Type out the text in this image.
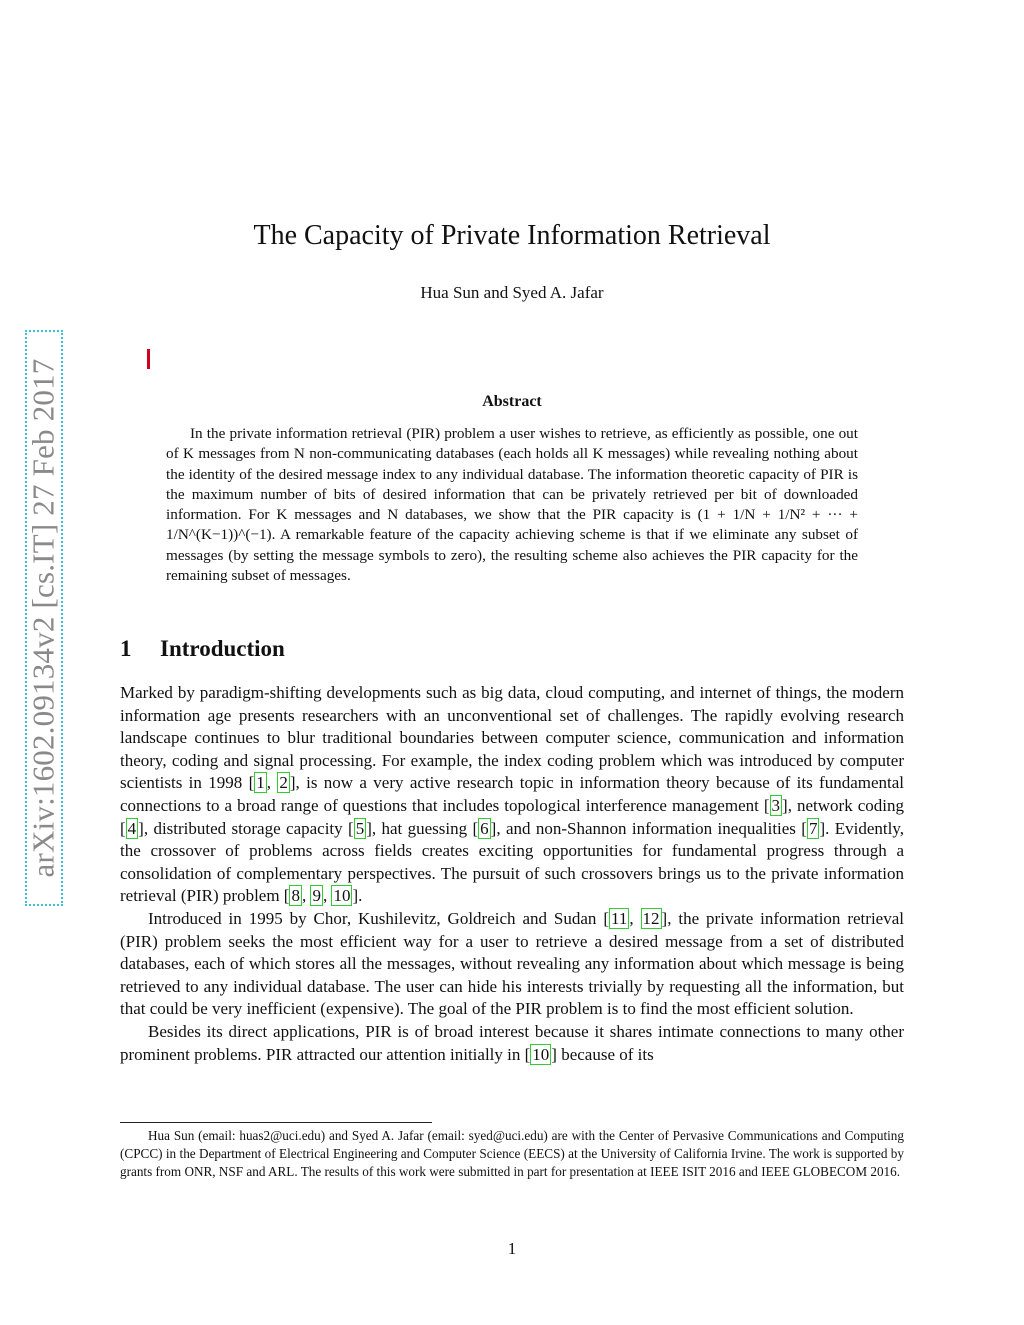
arXiv:1602.09134v2 [cs.IT] 27 Feb 2017
The Capacity of Private Information Retrieval
Hua Sun and Syed A. Jafar
Abstract

In the private information retrieval (PIR) problem a user wishes to retrieve, as efficiently as possible, one out of K messages from N non-communicating databases (each holds all K messages) while revealing nothing about the identity of the desired message index to any individual database. The information theoretic capacity of PIR is the maximum number of bits of desired information that can be privately retrieved per bit of downloaded information. For K messages and N databases, we show that the PIR capacity is (1 + 1/N + 1/N² + ··· + 1/N^(K−1))^(−1). A remarkable feature of the capacity achieving scheme is that if we eliminate any subset of messages (by setting the message symbols to zero), the resulting scheme also achieves the PIR capacity for the remaining subset of messages.

1 Introduction

Marked by paradigm-shifting developments such as big data, cloud computing, and internet of things, the modern information age presents researchers with an unconventional set of challenges. The rapidly evolving research landscape continues to blur traditional boundaries between computer science, communication and information theory, coding and signal processing. For example, the index coding problem which was introduced by computer scientists in 1998 [ 1 , 2 ], is now a very active research topic in information theory because of its fundamental connections to a broad range of questions that includes topological interference management [ 3 ], network coding [ 4 ], distributed storage capacity [ 5 ], hat guessing [ 6 ], and non-Shannon information inequalities [ 7 ]. Evidently, the crossover of problems across fields creates exciting opportunities for fundamental progress through a consolidation of complementary perspectives. The pursuit of such crossovers brings us to the private information retrieval (PIR) problem [ 8 , 9 , 10 ].

Introduced in 1995 by Chor, Kushilevitz, Goldreich and Sudan [ 11 , 12 ], the private information retrieval (PIR) problem seeks the most efficient way for a user to retrieve a desired message from a set of distributed databases, each of which stores all the messages, without revealing any information about which message is being retrieved to any individual database. The user can hide his interests trivially by requesting all the information, but that could be very inefficient (expensive). The goal of the PIR problem is to find the most efficient solution.

Besides its direct applications, PIR is of broad interest because it shares intimate connections to many other prominent problems. PIR attracted our attention initially in [ 10 ] because of its

Hua Sun (email: huas2@uci.edu) and Syed A. Jafar (email: syed@uci.edu) are with the Center of Pervasive Communications and Computing (CPCC) in the Department of Electrical Engineering and Computer Science (EECS) at the University of California Irvine. The work is supported by grants from ONR, NSF and ARL. The results of this work were submitted in part for presentation at IEEE ISIT 2016 and IEEE GLOBECOM 2016.

1
